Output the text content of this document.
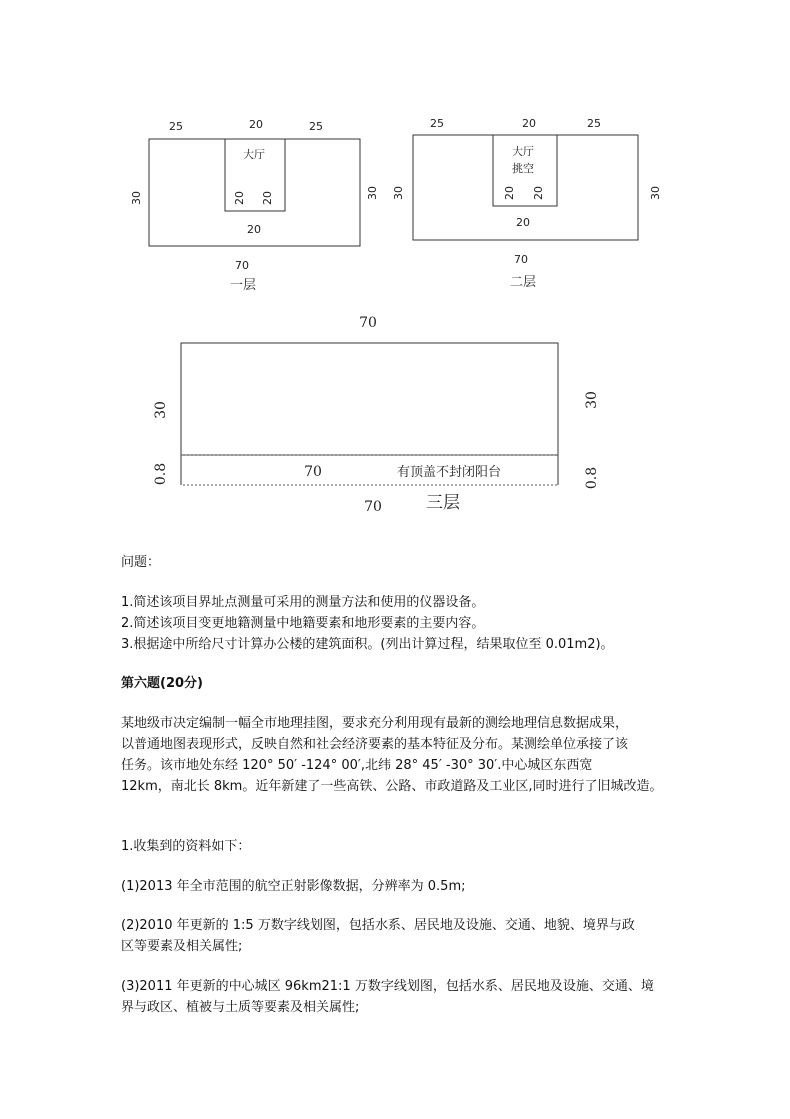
25	20	25
30	30
大厅
20 20
20
70
一层
25	20	25
30	30
大厅
挑空
20 20
20
70
二层
70
30
30
0.8	0.8
70	有顶盖不封闭阳台
70	三层
问题：
1.简述该项目界址点测量可采用的测量方法和使用的仪器设备。
2.简述该项目变更地籍测量中地籍要素和地形要素的主要内容。
3.根据途中所给尺寸计算办公楼的建筑面积。(列出计算过程，结果取位至 0.01m2)。
第六题(20分)
某地级市决定编制一幅全市地理挂图，要求充分利用现有最新的测绘地理信息数据成果，
以普通地图表现形式，反映自然和社会经济要素的基本特征及分布。某测绘单位承接了该
任务。该市地处东经 120° 50′ -124° 00′,北纬 28° 45′ -30° 30′.中心城区东西宽
12km，南北长 8km。近年新建了一些高铁、公路、市政道路及工业区,同时进行了旧城改造。
1.收集到的资料如下：
(1)2013 年全市范围的航空正射影像数据，分辨率为 0.5m;
(2)2010 年更新的 1:5 万数字线划图，包括水系、居民地及设施、交通、地貌、境界与政
区等要素及相关属性;
(3)2011 年更新的中心城区 96km21:1 万数字线划图，包括水系、居民地及设施、交通、境
界与政区、植被与土质等要素及相关属性;
